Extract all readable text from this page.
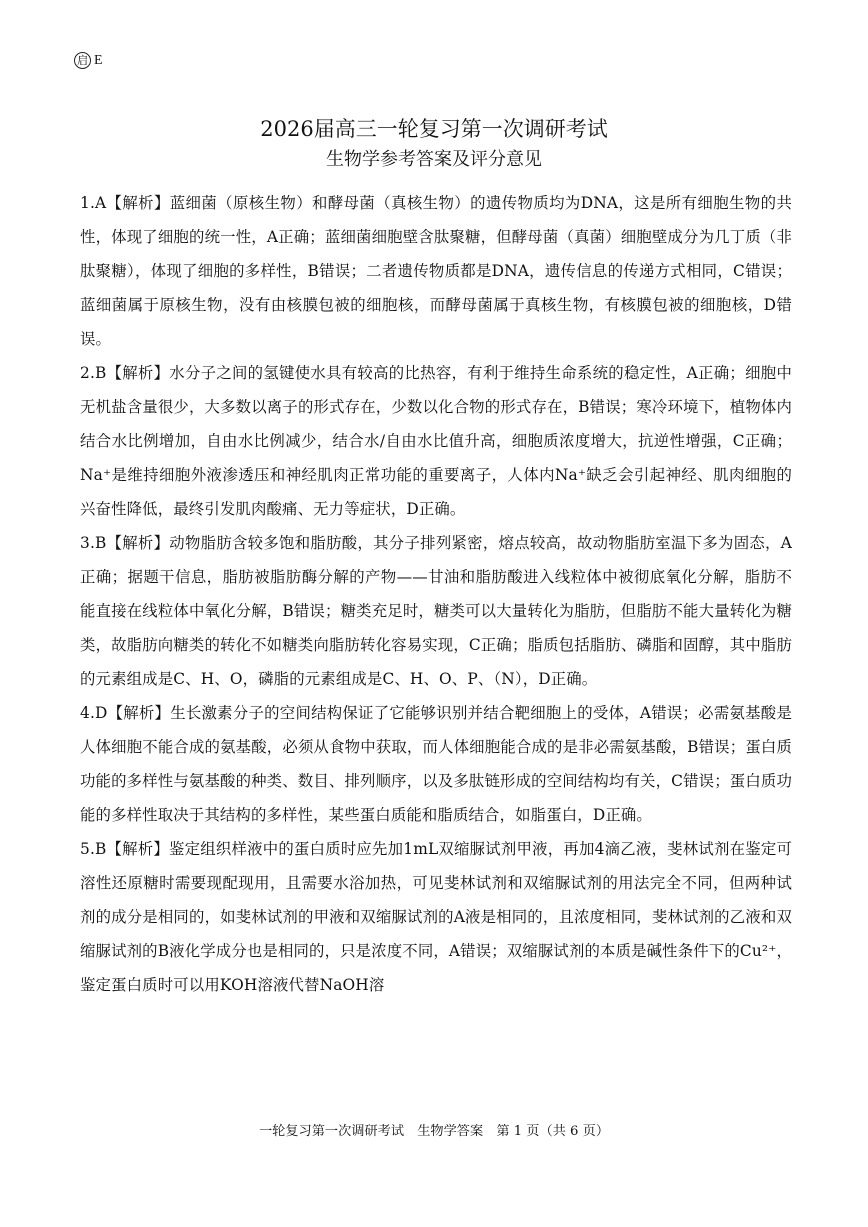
启 E
2026届高三一轮复习第一次调研考试
生物学参考答案及评分意见
1.A【解析】蓝细菌（原核生物）和酵母菌（真核生物）的遗传物质均为DNA，这是所有细胞生物的共性，体现了细胞的统一性，A正确；蓝细菌细胞壁含肽聚糖，但酵母菌（真菌）细胞壁成分为几丁质（非肽聚糖），体现了细胞的多样性，B错误；二者遗传物质都是DNA，遗传信息的传递方式相同，C错误；蓝细菌属于原核生物，没有由核膜包被的细胞核，而酵母菌属于真核生物，有核膜包被的细胞核，D错误。
2.B【解析】水分子之间的氢键使水具有较高的比热容，有利于维持生命系统的稳定性，A正确；细胞中无机盐含量很少，大多数以离子的形式存在，少数以化合物的形式存在，B错误；寒冷环境下，植物体内结合水比例增加，自由水比例减少，结合水/自由水比值升高，细胞质浓度增大，抗逆性增强，C正确；Na⁺是维持细胞外液渗透压和神经肌肉正常功能的重要离子，人体内Na⁺缺乏会引起神经、肌肉细胞的兴奋性降低，最终引发肌肉酸痛、无力等症状，D正确。
3.B【解析】动物脂肪含较多饱和脂肪酸，其分子排列紧密，熔点较高，故动物脂肪室温下多为固态，A正确；据题干信息，脂肪被脂肪酶分解的产物——甘油和脂肪酸进入线粒体中被彻底氧化分解，脂肪不能直接在线粒体中氧化分解，B错误；糖类充足时，糖类可以大量转化为脂肪，但脂肪不能大量转化为糖类，故脂肪向糖类的转化不如糖类向脂肪转化容易实现，C正确；脂质包括脂肪、磷脂和固醇，其中脂肪的元素组成是C、H、O，磷脂的元素组成是C、H、O、P、（N），D正确。
4.D【解析】生长激素分子的空间结构保证了它能够识别并结合靶细胞上的受体，A错误；必需氨基酸是人体细胞不能合成的氨基酸，必须从食物中获取，而人体细胞能合成的是非必需氨基酸，B错误；蛋白质功能的多样性与氨基酸的种类、数目、排列顺序，以及多肽链形成的空间结构均有关，C错误；蛋白质功能的多样性取决于其结构的多样性，某些蛋白质能和脂质结合，如脂蛋白，D正确。
5.B【解析】鉴定组织样液中的蛋白质时应先加1mL双缩脲试剂甲液，再加4滴乙液，斐林试剂在鉴定可溶性还原糖时需要现配现用，且需要水浴加热，可见斐林试剂和双缩脲试剂的用法完全不同，但两种试剂的成分是相同的，如斐林试剂的甲液和双缩脲试剂的A液是相同的，且浓度相同，斐林试剂的乙液和双缩脲试剂的B液化学成分也是相同的，只是浓度不同，A错误；双缩脲试剂的本质是碱性条件下的Cu²⁺，鉴定蛋白质时可以用KOH溶液代替NaOH溶
一轮复习第一次调研考试　生物学答案　第 1 页（共 6 页）
